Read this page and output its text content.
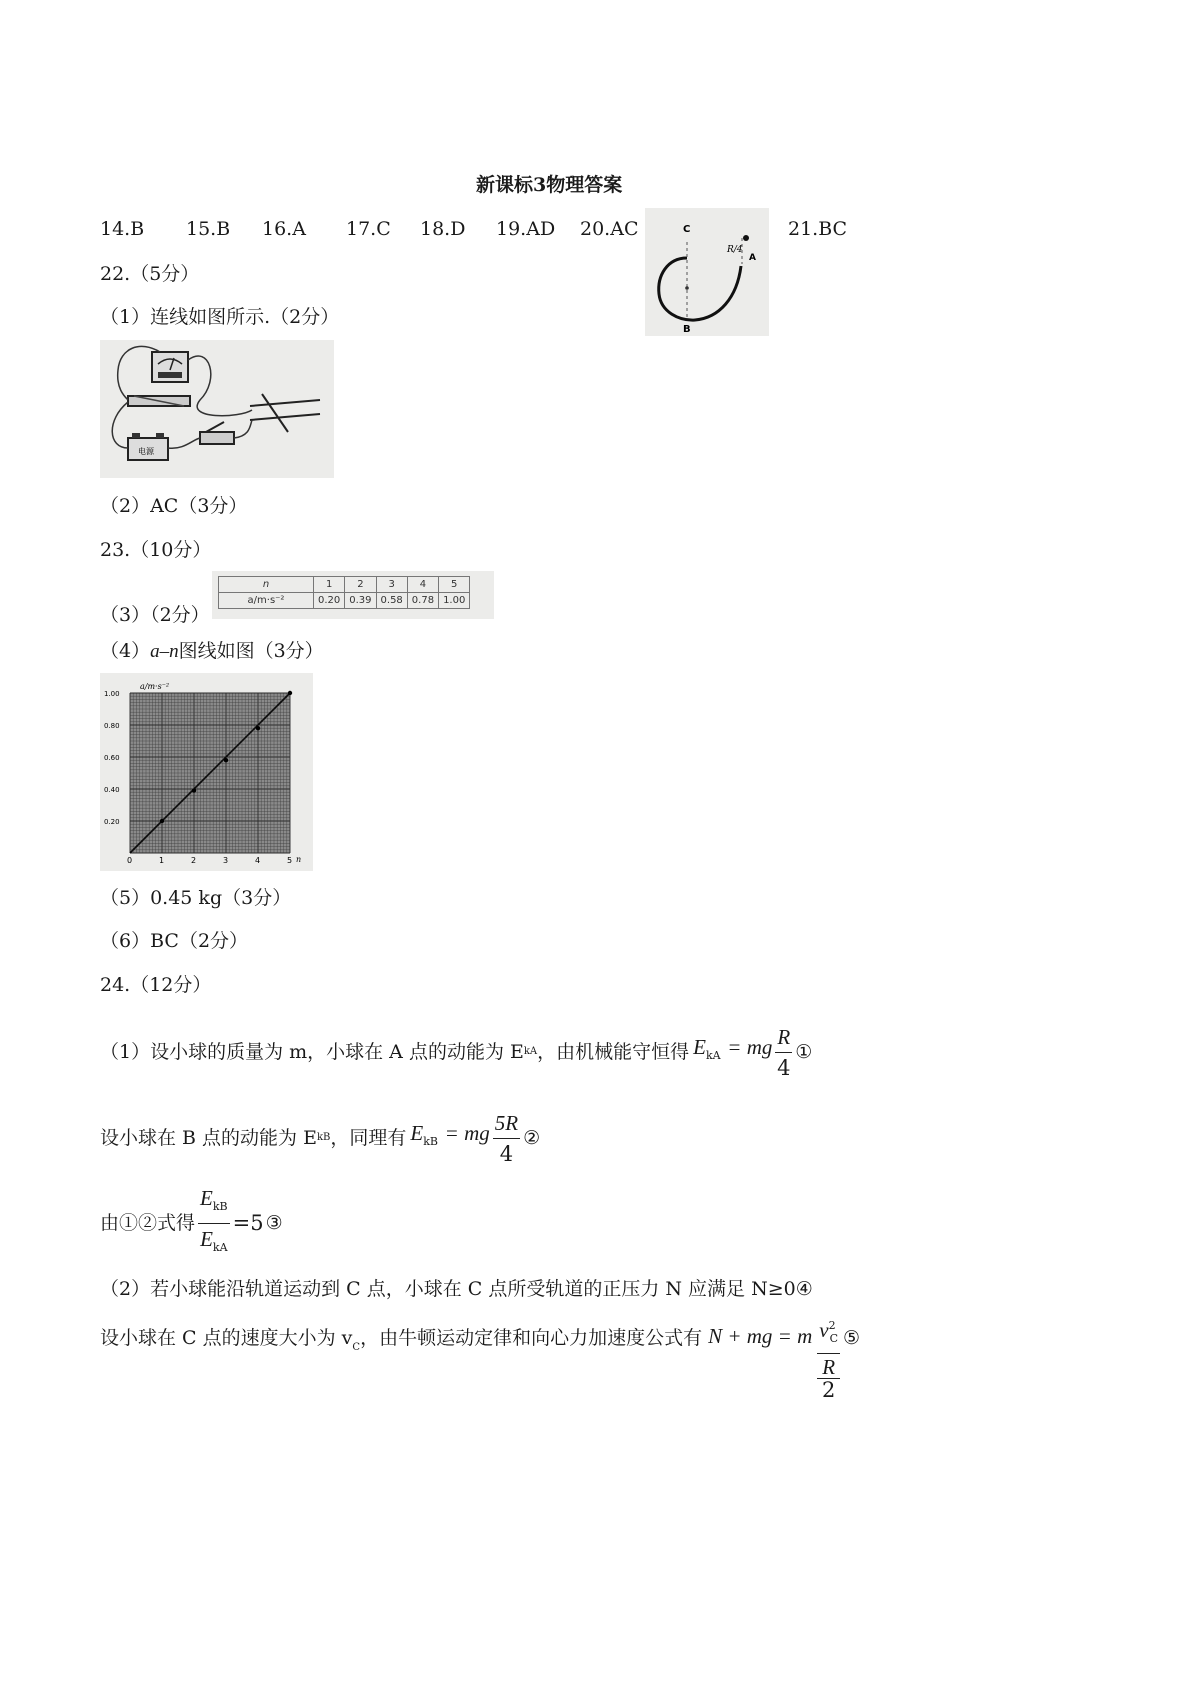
新课标3物理答案
14.B 15.B 16.A 17.C 18.D 19.AD 20.AC	21.BC
C
R/4
A
B
22.（5分）
（1）连线如图所示.（2分）
电源
（2）AC（3分）
23.（10分）
（3）（2分）
n	1	2	3	4	5
a/m·s⁻²	0.20	0.39	0.58	0.78	1.00
（4）a–n图线如图（3分）
0	1	2	3	4	5
0.20
0.40
0.60
0.80
1.00
a/m·s⁻²
n
（5）0.45 kg（3分）
（6）BC（2分）
24.（12分）
（1）设小球的质量为 m，小球在 A 点的动能为 E kA ，由机械能守恒得 $E_{kA}$ = mg $\frac{R}{4}$ ①
设小球在 B 点的动能为 E kB ，同理有 $E_{kB}$ = mg $\frac{5R}{4}$ ②
由①②式得 $\frac{E_{kB}}{E_{kA}} =5$ ③
（2）若小球能沿轨道运动到 C 点，小球在 C 点所受轨道的正压力 N 应满足 N≥0④
设小球在 C 点的速度大小为 $v_C$ ，由牛顿运动定律和向心力加速度公式有 N + mg = m $v^2_C$
R
2 ⑤
